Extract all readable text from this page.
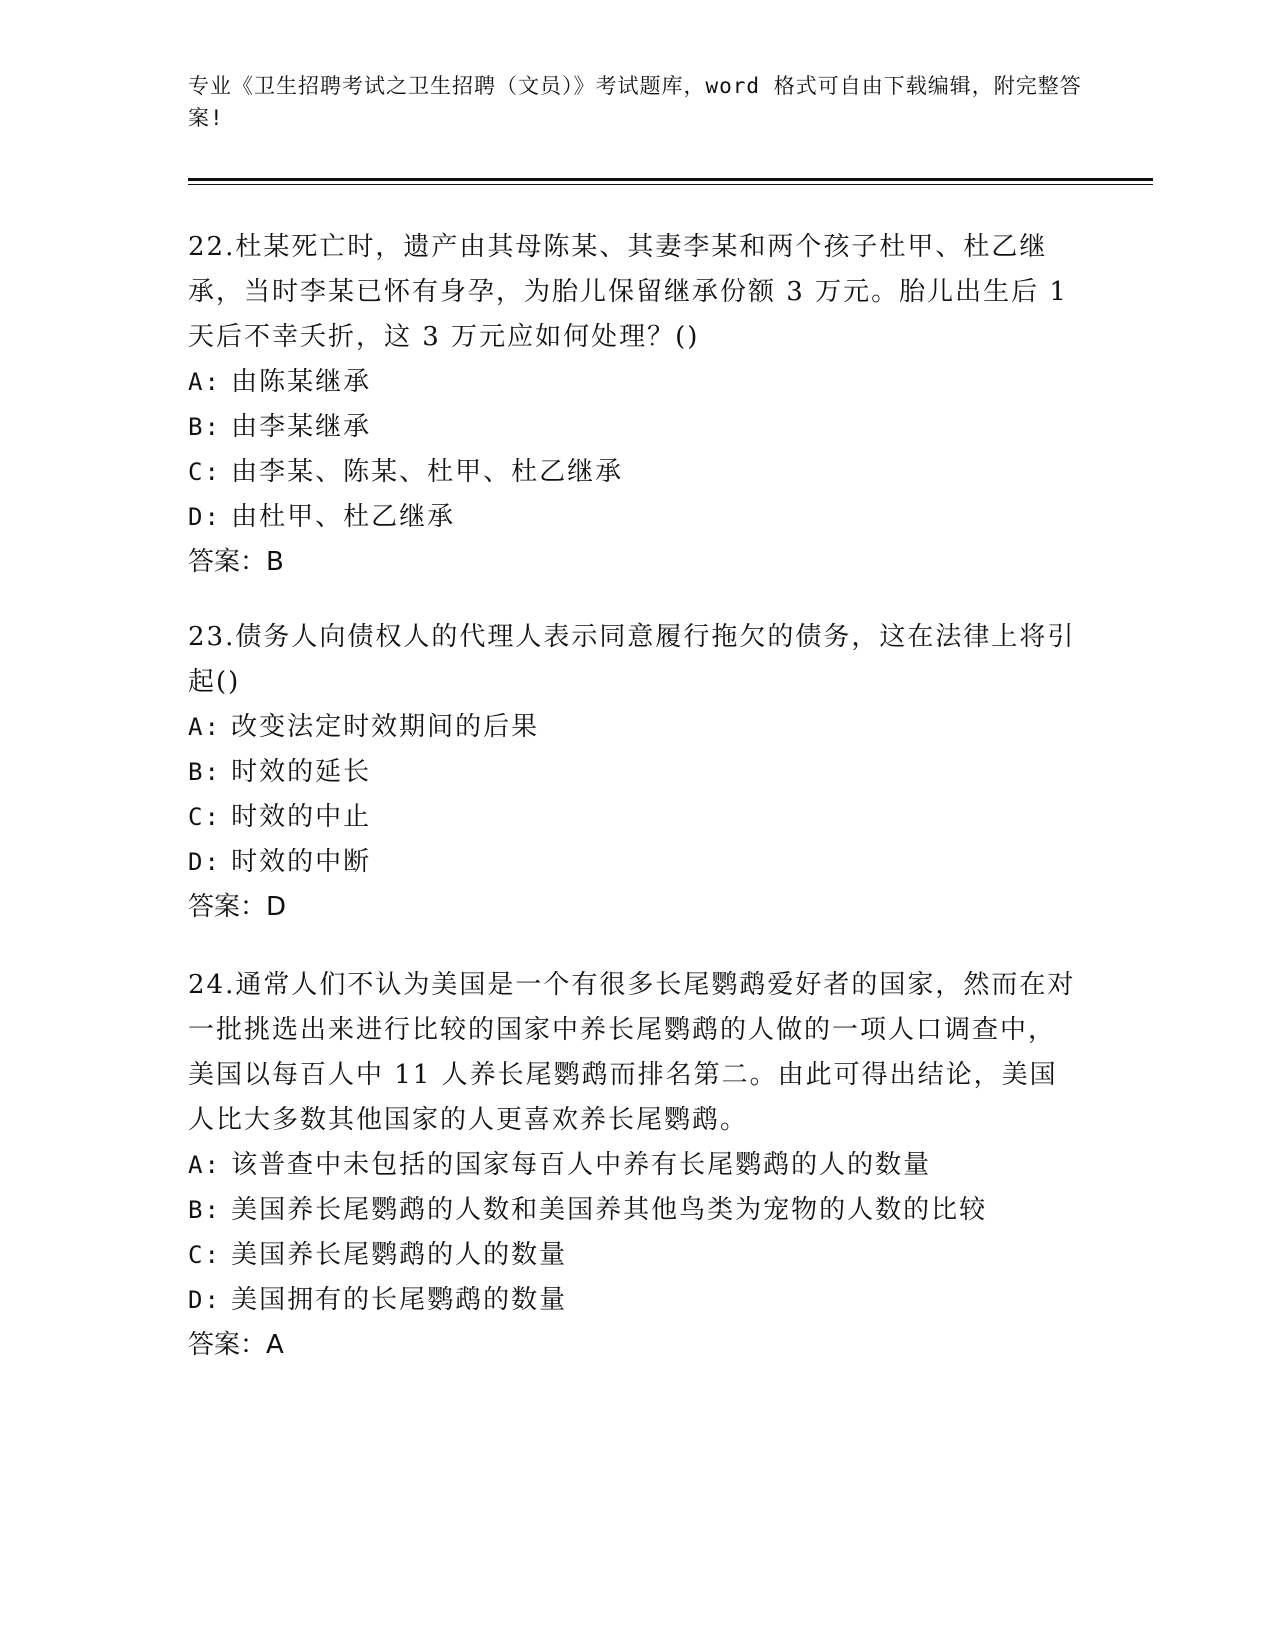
专业《卫生招聘考试之卫生招聘（文员）》考试题库，word 格式可自由下载编辑，附完整答案!

22.杜某死亡时，遗产由其母陈某、其妻李某和两个孩子杜甲、杜乙继承，当时李某已怀有身孕，为胎儿保留继承份额 3 万元。胎儿出生后 1 天后不幸夭折，这 3 万元应如何处理？()

A: 由陈某继承

B: 由李某继承

C: 由李某、陈某、杜甲、杜乙继承

D: 由杜甲、杜乙继承

答案：B

23.债务人向债权人的代理人表示同意履行拖欠的债务，这在法律上将引起()

A: 改变法定时效期间的后果

B: 时效的延长

C: 时效的中止

D: 时效的中断

答案：D

24.通常人们不认为美国是一个有很多长尾鹦鹉爱好者的国家，然而在对一批挑选出来进行比较的国家中养长尾鹦鹉的人做的一项人口调查中，美国以每百人中 11 人养长尾鹦鹉而排名第二。由此可得出结论，美国人比大多数其他国家的人更喜欢养长尾鹦鹉。

A: 该普查中未包括的国家每百人中养有长尾鹦鹉的人的数量

B: 美国养长尾鹦鹉的人数和美国养其他鸟类为宠物的人数的比较

C: 美国养长尾鹦鹉的人的数量

D: 美国拥有的长尾鹦鹉的数量

答案：A
